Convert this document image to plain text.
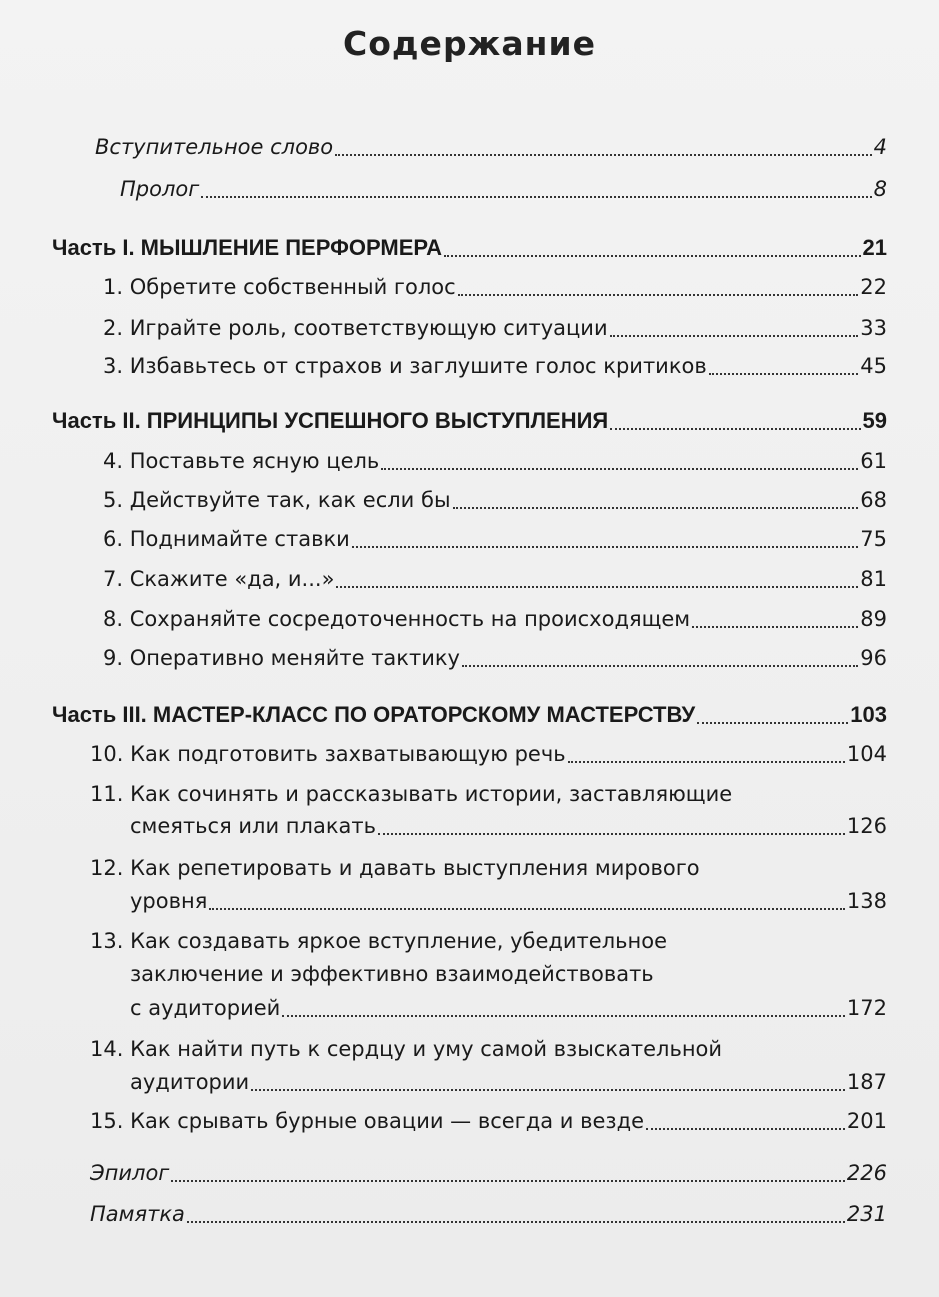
Содержание
Вступительное слово	4
Пролог	8
Часть I. МЫШЛЕНИЕ ПЕРФОРМЕРА	21
1. Обретите собственный голос	22
2. Играйте роль, соответствующую ситуации	33
3. Избавьтесь от страхов и заглушите голос критиков	45
Часть II. ПРИНЦИПЫ УСПЕШНОГО ВЫСТУПЛЕНИЯ	59
4. Поставьте ясную цель	61
5. Действуйте так, как если бы	68
6. Поднимайте ставки	75
7. Скажите «да, и...»	81
8. Сохраняйте сосредоточенность на происходящем	89
9. Оперативно меняйте тактику	96
Часть III. МАСТЕР-КЛАСС ПО ОРАТОРСКОМУ МАСТЕРСТВУ	103
10. Как подготовить захватывающую речь	104
11. Как сочинять и рассказывать истории, заставляющие
смеяться или плакать	126
12. Как репетировать и давать выступления мирового
уровня	138
13. Как создавать яркое вступление, убедительное
заключение и эффективно взаимодействовать
с аудиторией	172
14. Как найти путь к сердцу и уму самой взыскательной
аудитории	187
15. Как срывать бурные овации — всегда и везде	201
Эпилог	226
Памятка	231
